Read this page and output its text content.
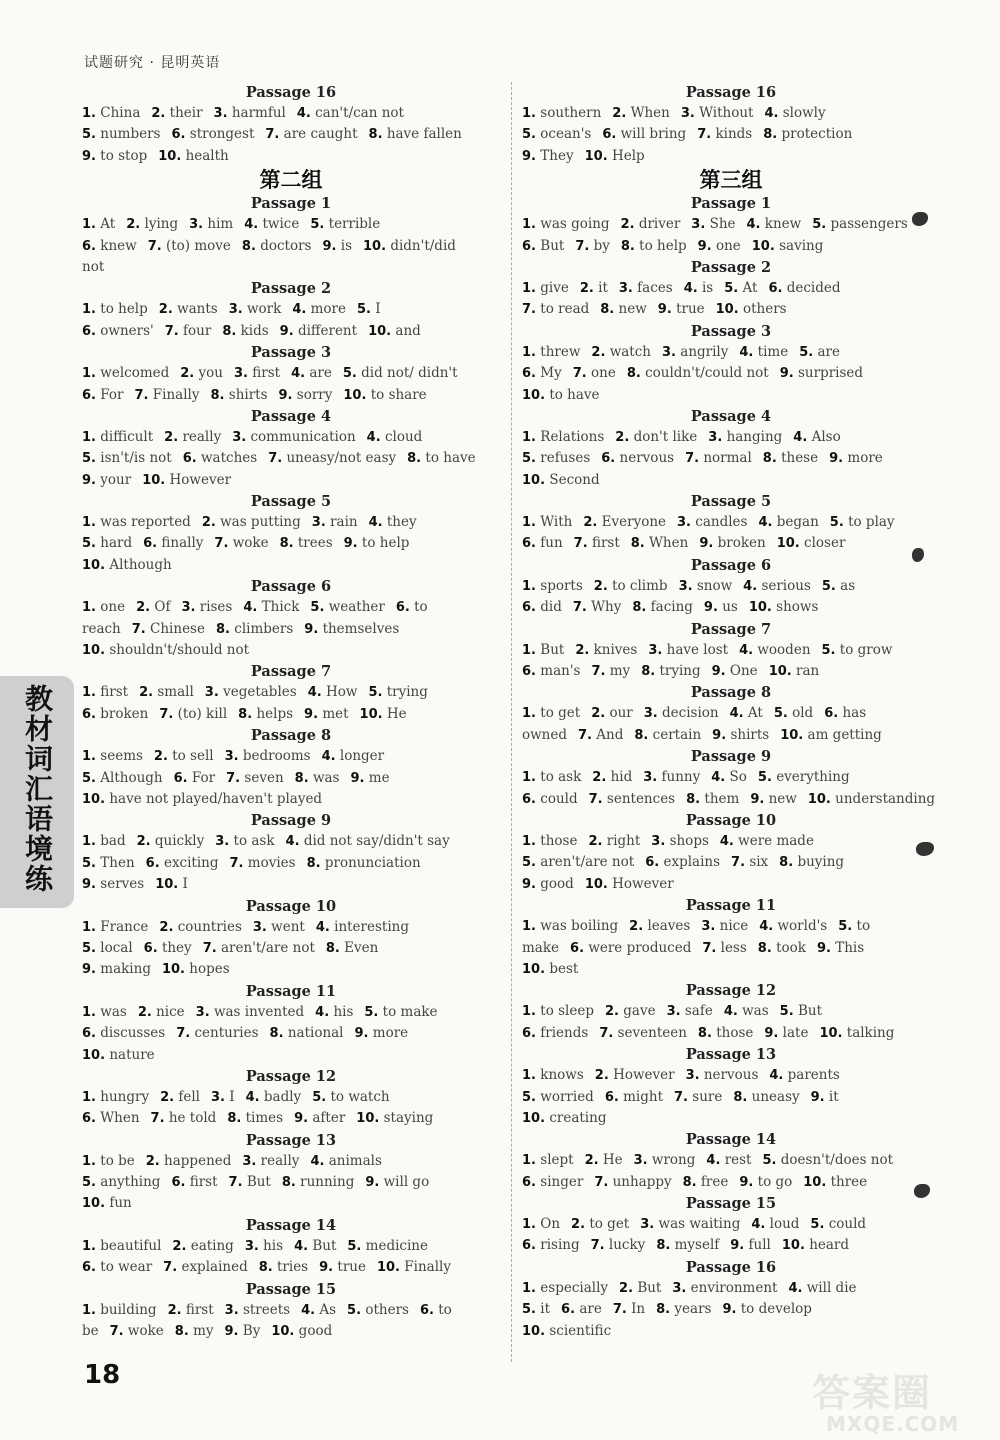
试题研究 · 昆明英语
Passage 16
1. China 2. their 3. harmful 4. can't/can not
5. numbers 6. strongest 7. are caught 8. have fallen
9. to stop 10. health
第二组
Passage 1
1. At 2. lying 3. him 4. twice 5. terrible
6. knew 7. (to) move 8. doctors 9. is 10. didn't/did
not
Passage 2
1. to help 2. wants 3. work 4. more 5. I
6. owners' 7. four 8. kids 9. different 10. and
Passage 3
1. welcomed 2. you 3. first 4. are 5. did not/ didn't
6. For 7. Finally 8. shirts 9. sorry 10. to share
Passage 4
1. difficult 2. really 3. communication 4. cloud
5. isn't/is not 6. watches 7. uneasy/not easy 8. to have
9. your 10. However
Passage 5
1. was reported 2. was putting 3. rain 4. they
5. hard 6. finally 7. woke 8. trees 9. to help
10. Although
Passage 6
1. one 2. Of 3. rises 4. Thick 5. weather 6. to
reach 7. Chinese 8. climbers 9. themselves
10. shouldn't/should not
Passage 7
1. first 2. small 3. vegetables 4. How 5. trying
6. broken 7. (to) kill 8. helps 9. met 10. He
Passage 8
1. seems 2. to sell 3. bedrooms 4. longer
5. Although 6. For 7. seven 8. was 9. me
10. have not played/haven't played
Passage 9
1. bad 2. quickly 3. to ask 4. did not say/didn't say
5. Then 6. exciting 7. movies 8. pronunciation
9. serves 10. I
Passage 10
1. France 2. countries 3. went 4. interesting
5. local 6. they 7. aren't/are not 8. Even
9. making 10. hopes
Passage 11
1. was 2. nice 3. was invented 4. his 5. to make
6. discusses 7. centuries 8. national 9. more
10. nature
Passage 12
1. hungry 2. fell 3. I 4. badly 5. to watch
6. When 7. he told 8. times 9. after 10. staying
Passage 13
1. to be 2. happened 3. really 4. animals
5. anything 6. first 7. But 8. running 9. will go
10. fun
Passage 14
1. beautiful 2. eating 3. his 4. But 5. medicine
6. to wear 7. explained 8. tries 9. true 10. Finally
Passage 15
1. building 2. first 3. streets 4. As 5. others 6. to
be 7. woke 8. my 9. By 10. good
Passage 16
1. southern 2. When 3. Without 4. slowly
5. ocean's 6. will bring 7. kinds 8. protection
9. They 10. Help
第三组
Passage 1
1. was going 2. driver 3. She 4. knew 5. passengers
6. But 7. by 8. to help 9. one 10. saving
Passage 2
1. give 2. it 3. faces 4. is 5. At 6. decided
7. to read 8. new 9. true 10. others
Passage 3
1. threw 2. watch 3. angrily 4. time 5. are
6. My 7. one 8. couldn't/could not 9. surprised
10. to have
Passage 4
1. Relations 2. don't like 3. hanging 4. Also
5. refuses 6. nervous 7. normal 8. these 9. more
10. Second
Passage 5
1. With 2. Everyone 3. candles 4. began 5. to play
6. fun 7. first 8. When 9. broken 10. closer
Passage 6
1. sports 2. to climb 3. snow 4. serious 5. as
6. did 7. Why 8. facing 9. us 10. shows
Passage 7
1. But 2. knives 3. have lost 4. wooden 5. to grow
6. man's 7. my 8. trying 9. One 10. ran
Passage 8
1. to get 2. our 3. decision 4. At 5. old 6. has
owned 7. And 8. certain 9. shirts 10. am getting
Passage 9
1. to ask 2. hid 3. funny 4. So 5. everything
6. could 7. sentences 8. them 9. new 10. understanding
Passage 10
1. those 2. right 3. shops 4. were made
5. aren't/are not 6. explains 7. six 8. buying
9. good 10. However
Passage 11
1. was boiling 2. leaves 3. nice 4. world's 5. to
make 6. were produced 7. less 8. took 9. This
10. best
Passage 12
1. to sleep 2. gave 3. safe 4. was 5. But
6. friends 7. seventeen 8. those 9. late 10. talking
Passage 13
1. knows 2. However 3. nervous 4. parents
5. worried 6. might 7. sure 8. uneasy 9. it
10. creating
Passage 14
1. slept 2. He 3. wrong 4. rest 5. doesn't/does not
6. singer 7. unhappy 8. free 9. to go 10. three
Passage 15
1. On 2. to get 3. was waiting 4. loud 5. could
6. rising 7. lucky 8. myself 9. full 10. heard
Passage 16
1. especially 2. But 3. environment 4. will die
5. it 6. are 7. In 8. years 9. to develop
10. scientific
教材词汇语境练
18	答案圈
MXQE.COM
